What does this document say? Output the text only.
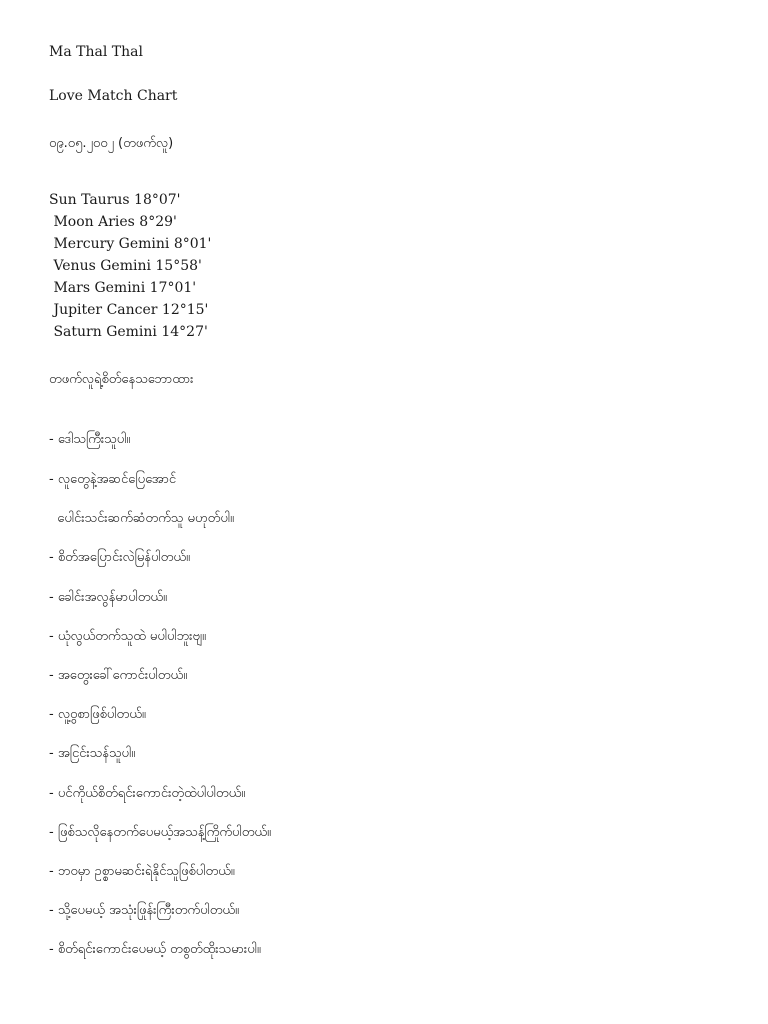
Ma Thal Thal
Love Match Chart
၀၉.၀၅.၂၀၀၂ (တဖက်လူ)
Sun Taurus 18°07'
Moon Aries 8°29'
Mercury Gemini 8°01'
Venus Gemini 15°58'
Mars Gemini 17°01'
Jupiter Cancer 12°15'
Saturn Gemini 14°27'
တဖက်လူရဲ့စိတ်နေသဘောထား
- ဒေါသကြီးသူပါ။
- လူတွေနဲ့အဆင်ပြေအောင်
ပေါင်းသင်းဆက်ဆံတက်သူ မဟုတ်ပါ။
- စိတ်အပြောင်းလဲမြန်ပါတယ်။
- ခေါင်းအလွန်မာပါတယ်။
- ယုံလွယ်တက်သူထဲ မပါပါဘူးဗျ။
- အတွေးခေါ်ကောင်းပါတယ်။
- လူ့ဝွစာဖြစ်ပါတယ်။
- အငြင်းသန်သူပါ။
- ပင်ကိုယ်စိတ်ရင်းကောင်းတဲ့ထဲပါပါတယ်။
- ဖြစ်သလိုနေတက်ပေမယ့်အသန့်ကြိုက်ပါတယ်။
- ဘဝမှာ ဥစ္စာမဆင်းရဲနိုင်သူဖြစ်ပါတယ်။
- သို့ပေမယ့် အသုံးဖြုန်းကြီးတက်ပါတယ်။
- စိတ်ရင်းကောင်းပေမယ့် တစွတ်ထိုးသမားပါ။
